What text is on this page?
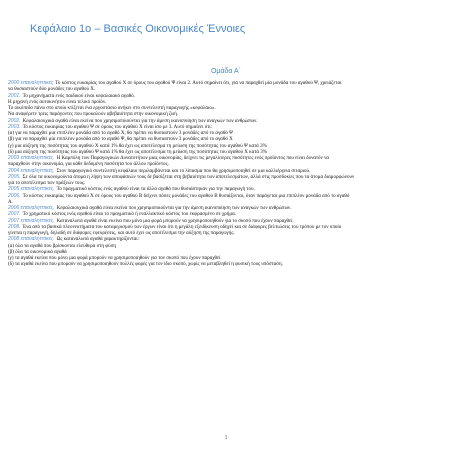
Κεφάλαιο 1ο – Βασικές Οικονομικές Έννοιες
Ομάδα Α΄
2000 επαναληπτικές Το κόστος ευκαιρίας του αγαθού Χ σε όρους του αγαθού Ψ είναι 2. Αυτό σημαίνει ότι, για να παραχθεί μία μονάδα του αγαθού Ψ, χρειάζεται
να θυσιαστούν δύο μονάδες του αγαθού Χ.
2001. Το μηχανήματα ενός παιδικού είναι κεφαλαιακό αγαθό.
Η μηχανή ενός αυτοκινήτου είναι τελικό προϊόν.
Το οικόπεδο πάνω στο οποίο κτίζεται ένα εργοστάσιο ανήκει στο συντελεστή παραγωγής «κεφάλαιο».
Να αναφέρετε τρεις παράγοντες που προκαλούν αβεβαιότητα στην οικονομική ζωή.
2002. Κεφαλαιουχικά αγαθά είναι εκείνα που χρησιμοποιούνται για την άμεση ικανοποίηση των αναγκών των ανθρώπων.
2003. Το κόστος ευκαιρίας του αγαθού Ψ σε όρους του αγαθού Χ είναι ίσο με 3. Αυτό σημαίνει ότι:
(α) για να παραχθεί μια επιπλέον μονάδα από το αγαθό Χ, θα πρέπει να θυσιαστούν 3 μονάδες από το αγαθό Ψ
(β) για να παραχθεί μία επιπλέον μονάδα από το αγαθό Ψ, θα πρέπει να θυσιαστούν 3 μονάδες από το αγαθό Χ
(γ) μια αύξηση της ποσότητας του αγαθού Χ κατά 1% θα έχει ως αποτέλεσμα τη μείωση της ποσότητας του αγαθού Ψ κατά 3%
(δ) μια αύξηση της ποσότητας του αγαθού Ψ κατά 1% θα έχει ως αποτέλεσμα τη μείωση της ποσότητας του αγαθού Χ κατά 3%
2003 επαναληπτικές. Η Καμπύλη των Παραγωγικών Δυνατοτήτων μιας οικονομίας, δείχνει τις μεγαλύτερες ποσότητες ενός προϊόντος που είναι δυνατόν να
παραχθούν στην οικονομία, για κάθε δεδομένη ποσότητα του άλλου προϊόντος.
2004 επαναληπτικές. Στον παραγωγικό συντελεστή κεφάλαιο περιλαμβάνεται και το λίπασμα που θα χρησιμοποιηθεί σε μια καλλιέργεια σιταριού.
2005. Σε όλα τα οικονομούντα άτομα η λήψη των αποφάσεών τους δε βασίζεται στη βεβαιότητα των αποτελεσμάτων, αλλά στις προσδοκίες που τα άτομα διαμορφώνουν
για το αποτέλεσμα των πράξεών τους.
2005 επαναληπτικές. Το πραγματικό κόστος ενός αγαθού είναι τα άλλα αγαθά που θυσιάστηκαν για την παραγωγή του.
2006. Το κόστος ευκαιρίας του αγαθού Χ σε όρους του αγαθού Β δείχνει πόσες μονάδες του αγαθού Β θυσιάζονται, όταν παράγεται μια επιπλέον μονάδα από το αγαθό
Α.
2006 επαναληπτικές. Κεφαλαιουχικά αγαθά είναι εκείνα που χρησιμοποιούνται για την άμεση ικανοποίηση των αναγκών των ανθρώπων.
2007. Το χρηματικό κόστος ενός αγαθού είναι το πραγματικό ή εναλλακτικό κόστος του εκφρασμένο σε χρήμα.
2007 επαναληπτικές. Καταναλωτά αγαθά είναι εκείνα που μόνο μια φορά μπορούν να χρησιμοποιηθούν για το σκοπό που έχουν παραχθεί.
2008. Ένα από τα βασικά πλεονεκτήματα του καταμερισμού των έργων είναι ότι η μεγάλη εξειδίκευση οδηγεί και σε διάφορες βελτιώσεις του τρόπου με τον οποίο
γίνεται η παραγωγή, δηλαδή σε διάφορες εφευρέσεις, και αυτό έχει ως αποτέλεσμα την αύξηση της παραγωγής.
2008 επαναληπτικές. Ως καταναλωτά αγαθά χαρακτηρίζονται:
(α) όλα τα αγαθά που βρίσκονται ελεύθερα στη φύση
(β) όλα τα οικονομικά αγαθά
(γ) τα αγαθά εκείνα που μόνο μια φορά μπορούν να χρησιμοποιηθούν για τον σκοπό που έχουν παραχθεί
(δ) τα αγαθά εκείνα που μπορούν να χρησιμοποιηθούν πολλές φορές για τον ίδιο σκοπό, χωρίς να μεταβληθεί η φυσική τους υπόσταση.
1
